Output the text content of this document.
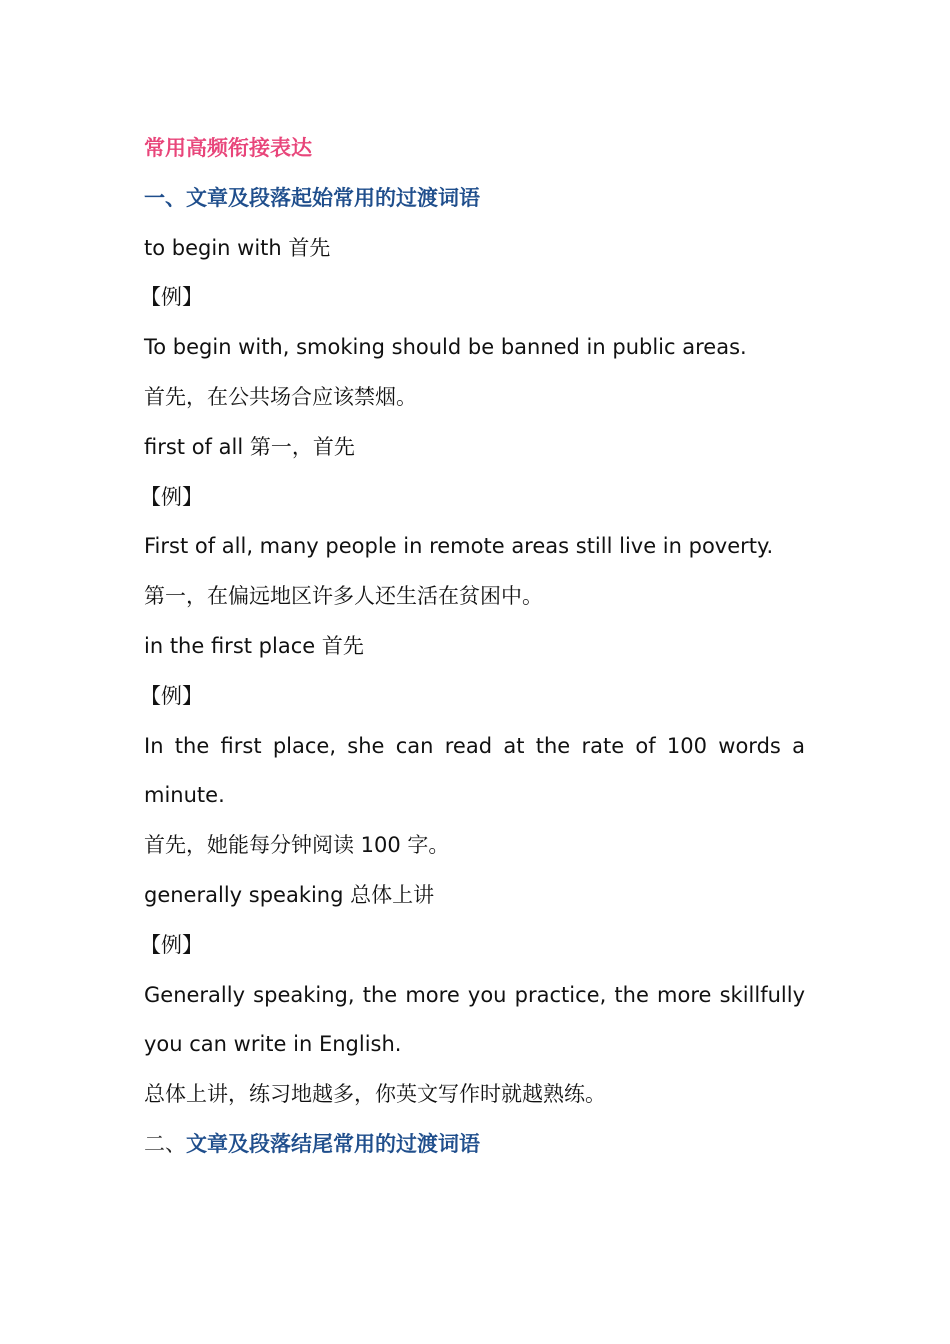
常用高频衔接表达
一、文章及段落起始常用的过渡词语
to begin with 首先
【例】
To begin with, smoking should be banned in public areas.
首先，在公共场合应该禁烟。
first of all 第一，首先
【例】
First of all, many people in remote areas still live in poverty.
第一，在偏远地区许多人还生活在贫困中。
in the first place 首先
【例】
In the first place, she can read at the rate of 100 words a minute.
首先，她能每分钟阅读 100 字。
generally speaking 总体上讲
【例】
Generally speaking, the more you practice, the more skillfully you can write in English.
总体上讲，练习地越多，你英文写作时就越熟练。
二、文章及段落结尾常用的过渡词语
